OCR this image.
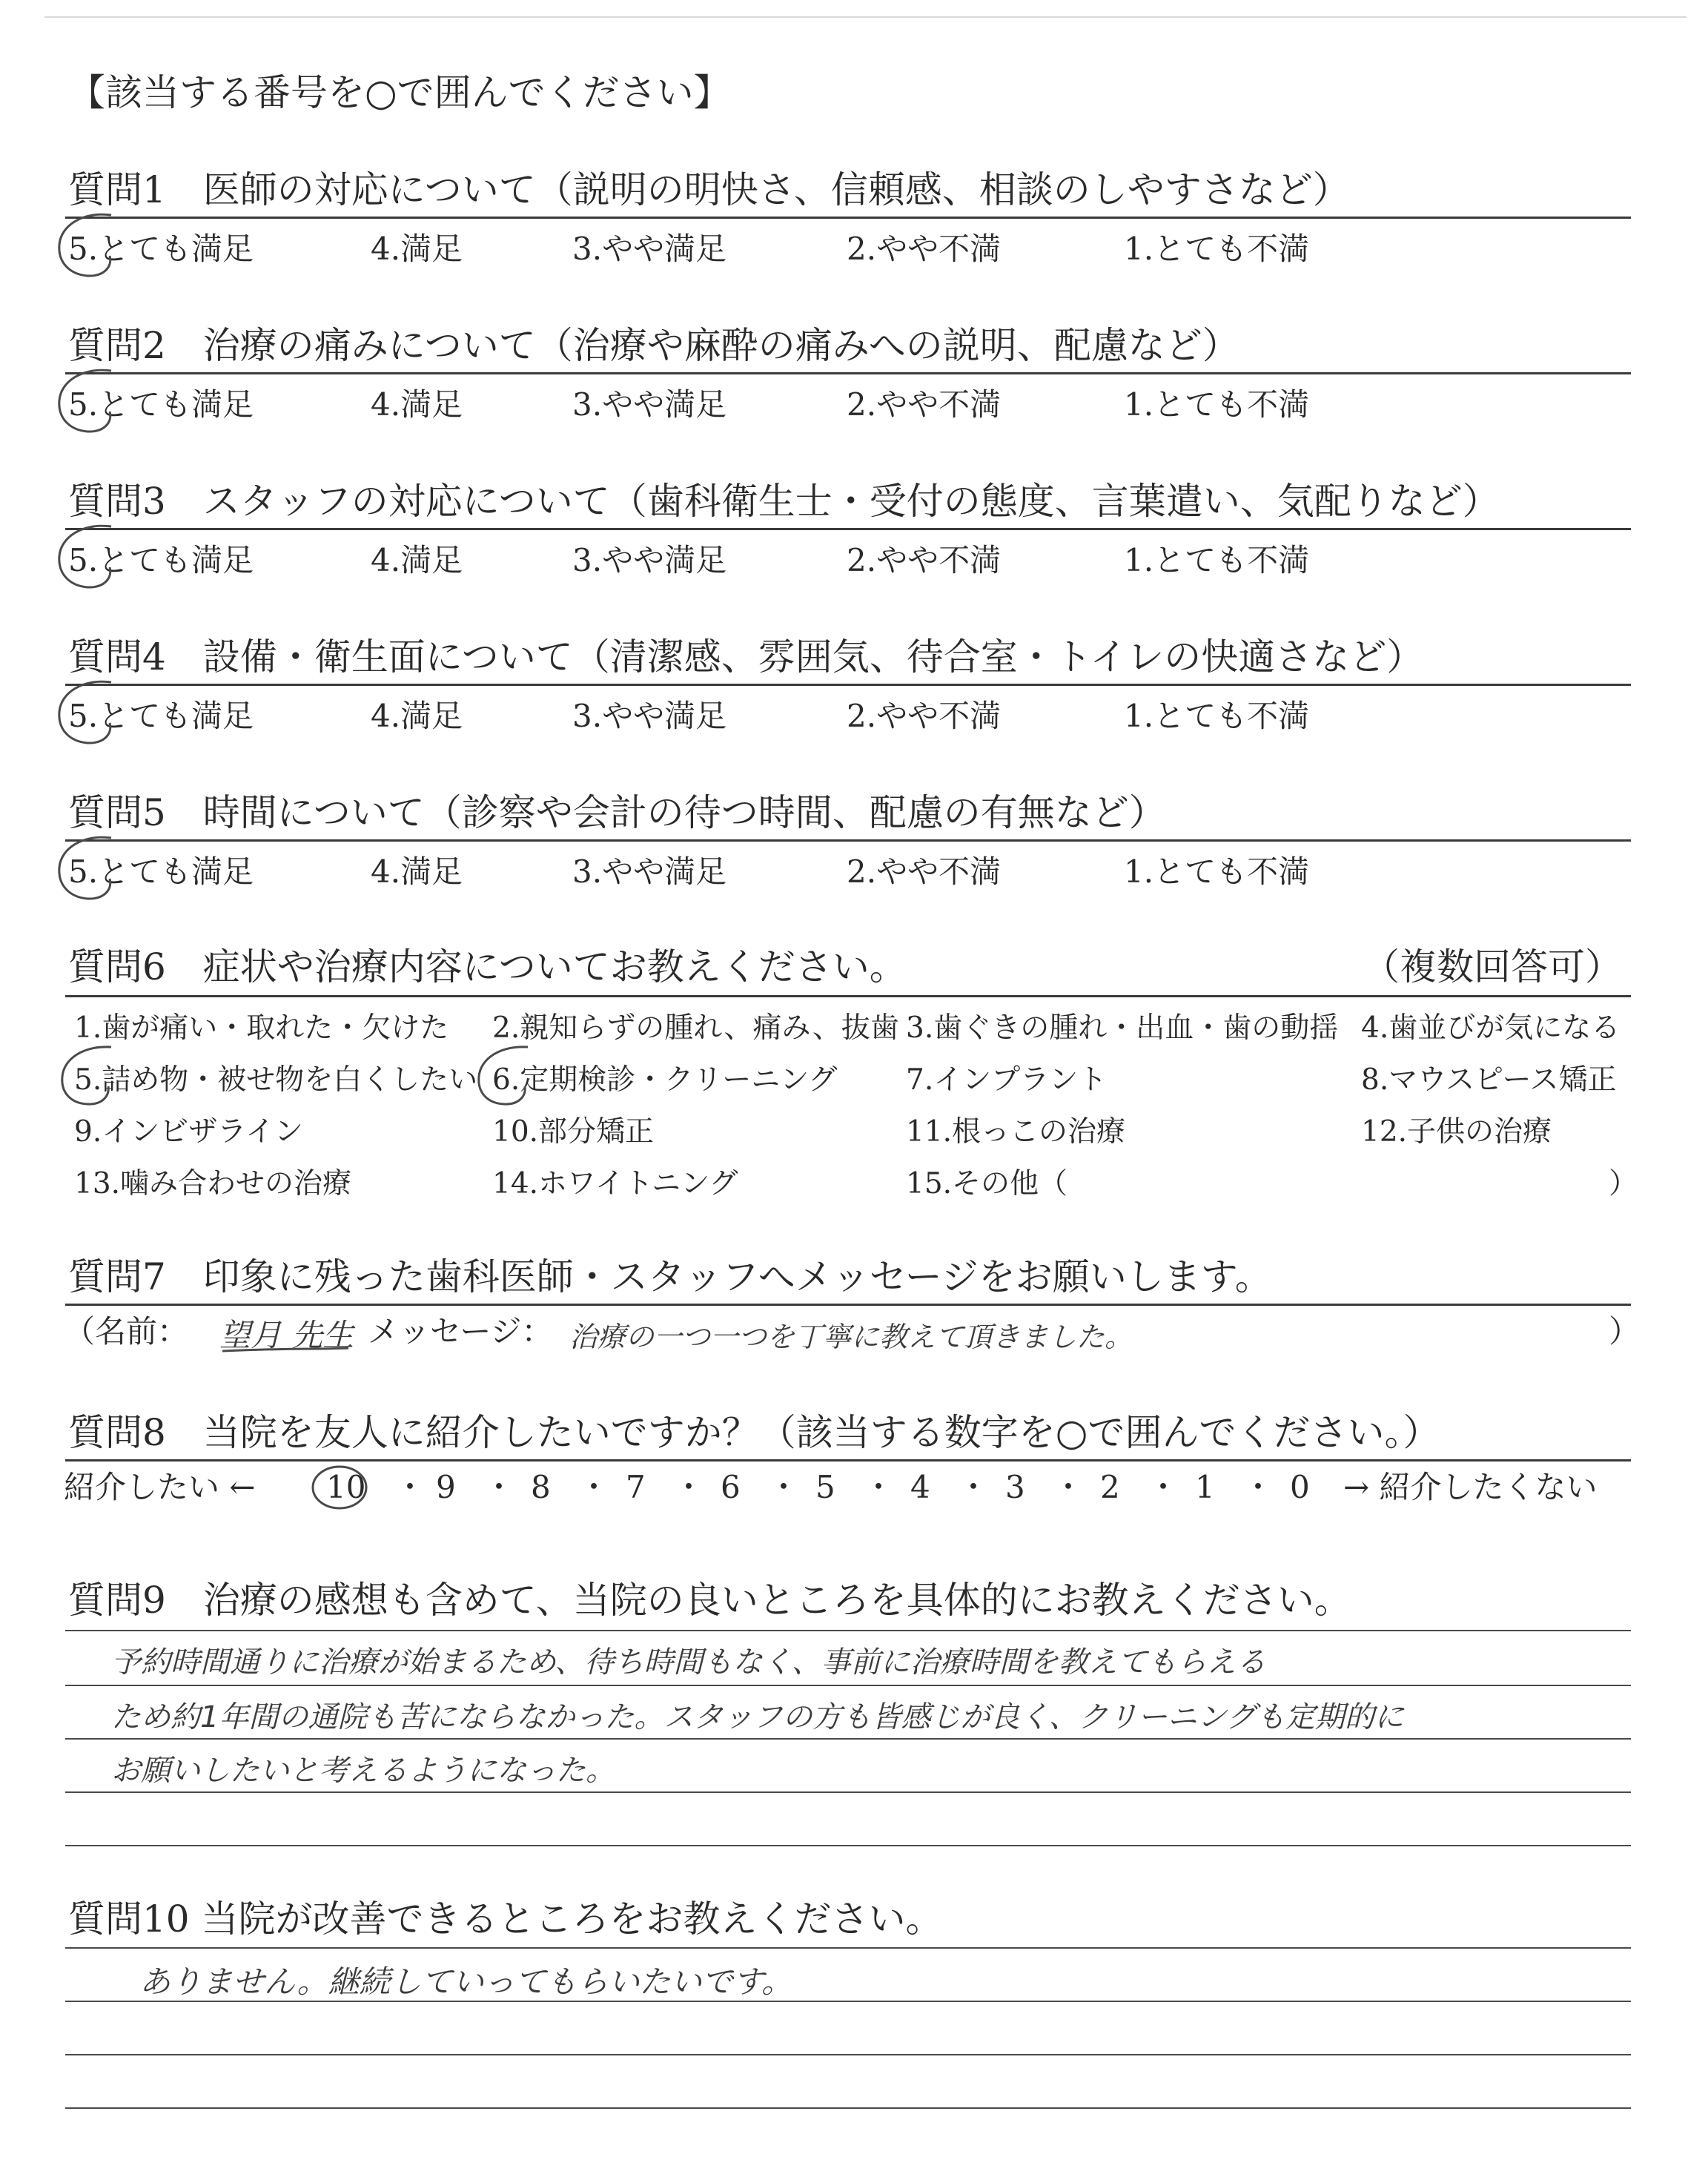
【該当する番号を○で囲んでください】
質問1　医師の対応について（説明の明快さ、信頼感、相談のしやすさなど）
5.とても満足	4.満足	3.やや満足	2.やや不満	1.とても不満
質問2　治療の痛みについて（治療や麻酔の痛みへの説明、配慮など）
5.とても満足	4.満足	3.やや満足	2.やや不満	1.とても不満
質問3　スタッフの対応について（歯科衛生士・受付の態度、言葉遣い、気配りなど）
5.とても満足	4.満足	3.やや満足	2.やや不満	1.とても不満
質問4　設備・衛生面について（清潔感、雰囲気、待合室・トイレの快適さなど）
5.とても満足	4.満足	3.やや満足	2.やや不満	1.とても不満
質問5　時間について（診察や会計の待つ時間、配慮の有無など）
5.とても満足	4.満足	3.やや満足	2.やや不満	1.とても不満
質問6　症状や治療内容についてお教えください。	（複数回答可）
1.歯が痛い・取れた・欠けた 2.親知らずの腫れ、痛み、抜歯 3.歯ぐきの腫れ・出血・歯の動揺 4.歯並びが気になる
5.詰め物・被せ物を白くしたい 6.定期検診・クリーニング 7.インプラント	8.マウスピース矯正
9.インビザライン	10.部分矯正	11.根っこの治療	12.子供の治療
13.噛み合わせの治療	14.ホワイトニング	15.その他（	）
質問7　印象に残った歯科医師・スタッフへメッセージをお願いします。
（名前： 望月 先生 メッセージ： 治療の一つ一つを丁寧に教えて頂きました。	）
質問8　当院を友人に紹介したいですか？（該当する数字を○で囲んでください。）
紹介したい ← 10 ・ 9 ・ 8 ・ 7 ・ 6 ・ 5 ・ 4 ・ 3 ・ 2 ・ 1 ・ 0 → 紹介したくない
質問9　治療の感想も含めて、当院の良いところを具体的にお教えください。
予約時間通りに治療が始まるため、待ち時間もなく、事前に治療時間を教えてもらえる
ため約1年間の通院も苦にならなかった。スタッフの方も皆感じが良く、クリーニングも定期的に
お願いしたいと考えるようになった。
質問10 当院が改善できるところをお教えください。
ありません。継続していってもらいたいです。
